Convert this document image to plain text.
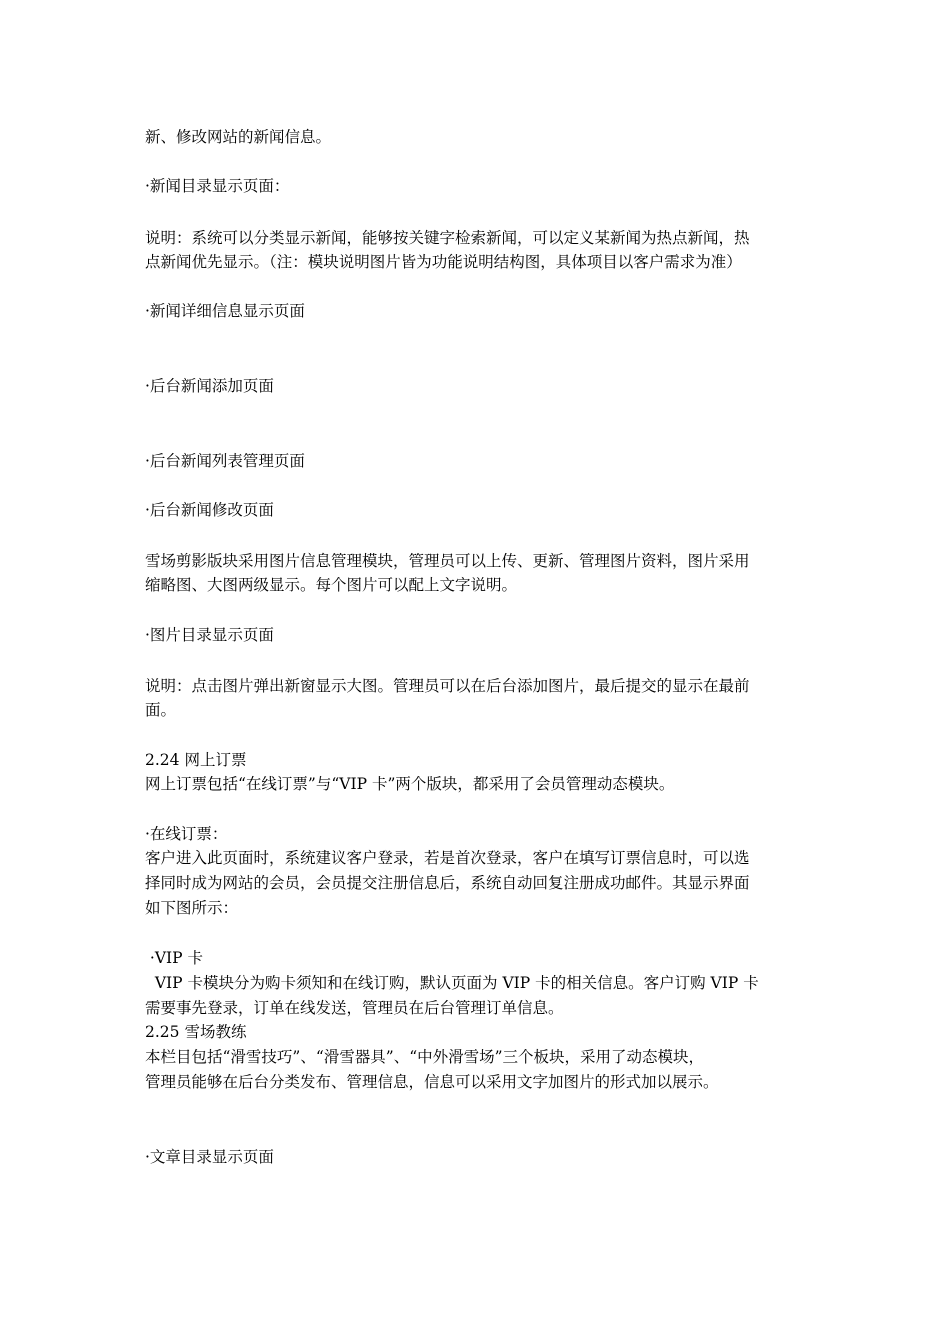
新、修改网站的新闻信息。
·新闻目录显示页面：
说明：系统可以分类显示新闻，能够按关键字检索新闻，可以定义某新闻为热点新闻，热
点新闻优先显示。（注：模块说明图片皆为功能说明结构图，具体项目以客户需求为准）
·新闻详细信息显示页面
·后台新闻添加页面
·后台新闻列表管理页面
·后台新闻修改页面
雪场剪影版块采用图片信息管理模块，管理员可以上传、更新、管理图片资料，图片采用
缩略图、大图两级显示。每个图片可以配上文字说明。
·图片目录显示页面
说明：点击图片弹出新窗显示大图。管理员可以在后台添加图片，最后提交的显示在最前
面。
2.24 网上订票
网上订票包括“在线订票”与“VIP 卡”两个版块，都采用了会员管理动态模块。
·在线订票：
客户进入此页面时，系统建议客户登录，若是首次登录，客户在填写订票信息时，可以选
择同时成为网站的会员，会员提交注册信息后，系统自动回复注册成功邮件。其显示界面
如下图所示：
·VIP 卡
VIP 卡模块分为购卡须知和在线订购，默认页面为 VIP 卡的相关信息。客户订购 VIP 卡
需要事先登录，订单在线发送，管理员在后台管理订单信息。
2.25 雪场教练
本栏目包括“滑雪技巧”、“滑雪器具”、“中外滑雪场”三个板块，采用了动态模块，
管理员能够在后台分类发布、管理信息，信息可以采用文字加图片的形式加以展示。
·文章目录显示页面
